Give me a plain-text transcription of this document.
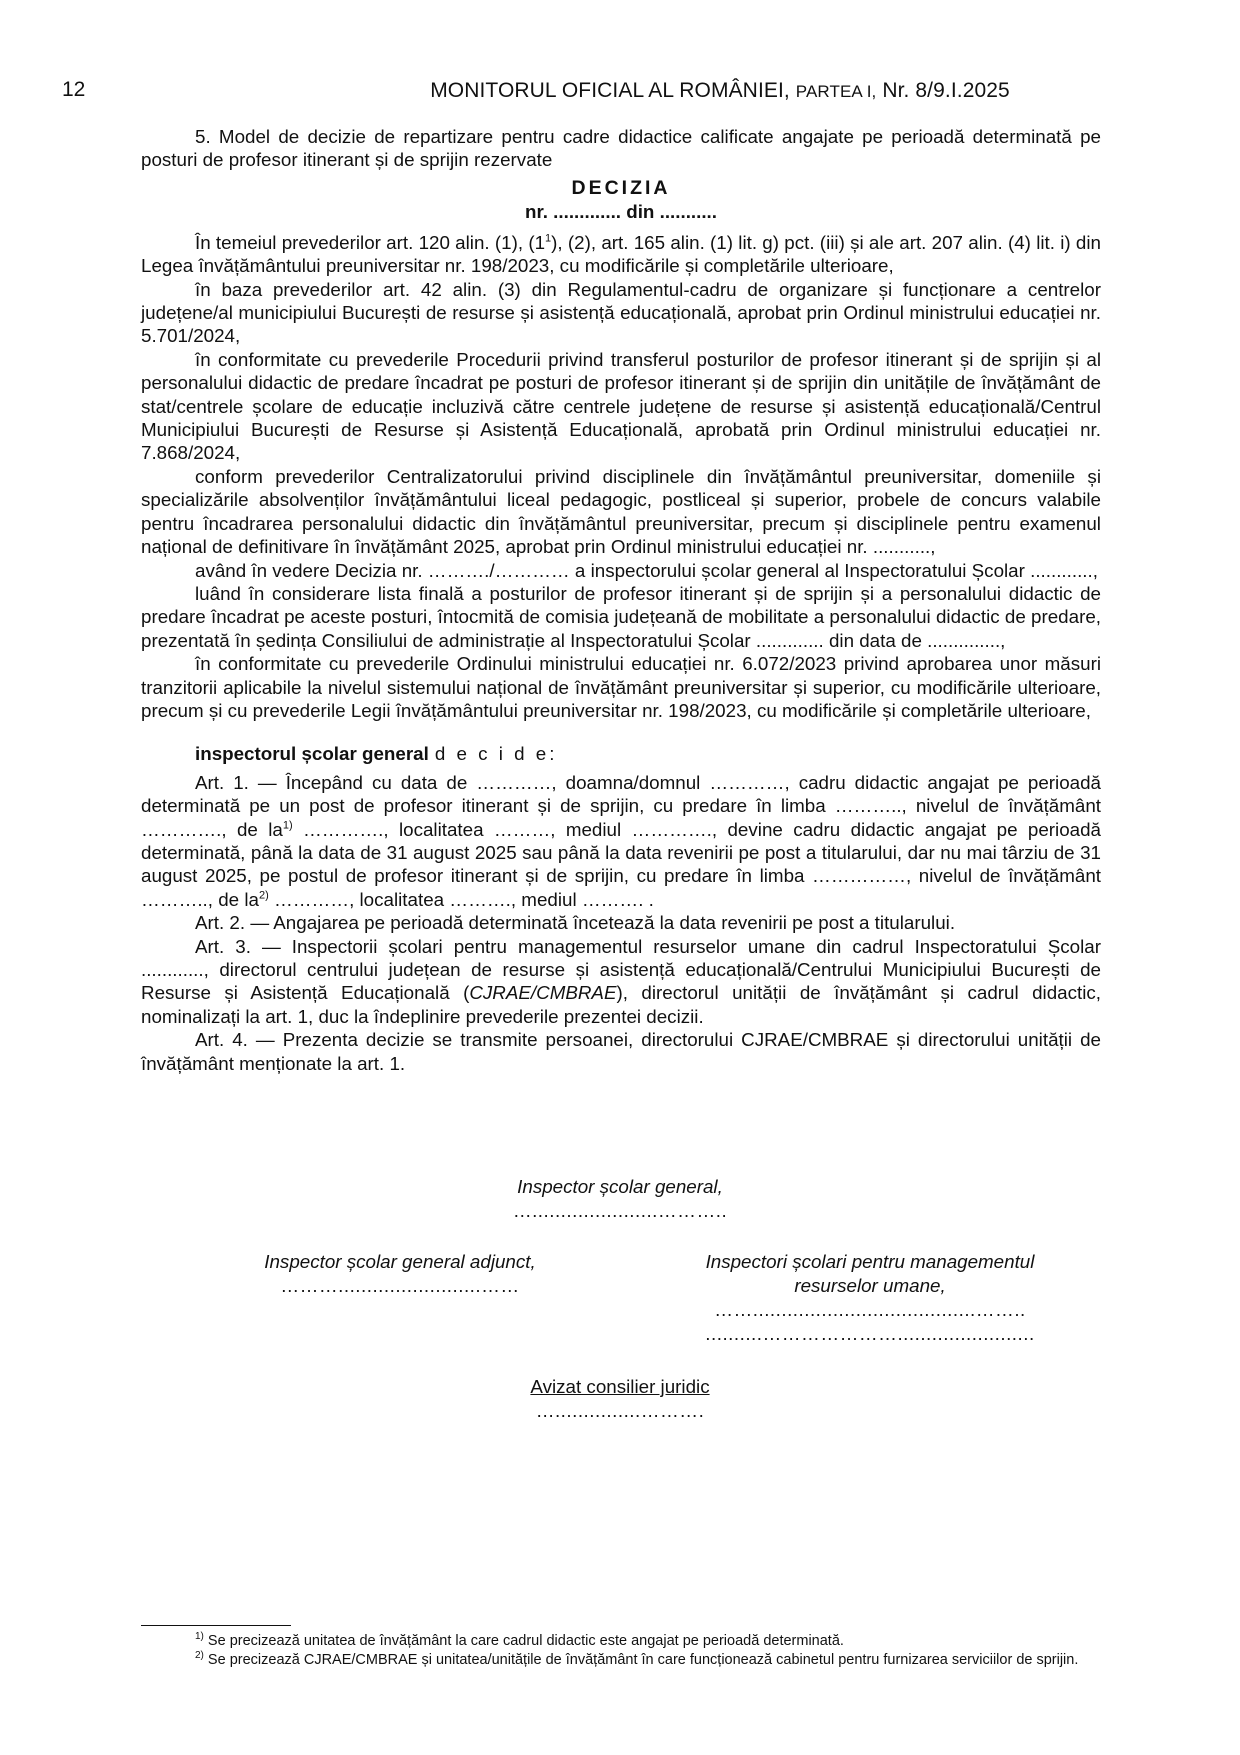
12	MONITORUL OFICIAL AL ROMÂNIEI, PARTEA I, Nr. 8/9.I.2025

5. Model de decizie de repartizare pentru cadre didactice calificate angajate pe perioadă determinată pe posturi de profesor itinerant și de sprijin rezervate

DECIZIA
nr. ............. din ...........

În temeiul prevederilor art. 120 alin. (1), $(1^1)$, (2), art. 165 alin. (1) lit. g) pct. (iii) și ale art. 207 alin. (4) lit. i) din Legea învățământului preuniversitar nr. 198/2023, cu modificările și completările ulterioare,

în baza prevederilor art. 42 alin. (3) din Regulamentul-cadru de organizare și funcționare a centrelor județene/al municipiului București de resurse și asistență educațională, aprobat prin Ordinul ministrului educației nr. 5.701/2024,

în conformitate cu prevederile Procedurii privind transferul posturilor de profesor itinerant și de sprijin și al personalului didactic de predare încadrat pe posturi de profesor itinerant și de sprijin din unitățile de învățământ de stat/centrele școlare de educație incluzivă către centrele județene de resurse și asistență educațională/Centrul Municipiului București de Resurse și Asistență Educațională, aprobată prin Ordinul ministrului educației nr. 7.868/2024,

conform prevederilor Centralizatorului privind disciplinele din învățământul preuniversitar, domeniile și specializările absolvenților învățământului liceal pedagogic, postliceal și superior, probele de concurs valabile pentru încadrarea personalului didactic din învățământul preuniversitar, precum și disciplinele pentru examenul național de definitivare în învățământ 2025, aprobat prin Ordinul ministrului educației nr. ...........,

având în vedere Decizia nr. ………./………… a inspectorului școlar general al Inspectoratului Școlar ............,

luând în considerare lista finală a posturilor de profesor itinerant și de sprijin și a personalului didactic de predare încadrat pe aceste posturi, întocmită de comisia județeană de mobilitate a personalului didactic de predare, prezentată în ședința Consiliului de administrație al Inspectoratului Școlar ............. din data de ..............,

în conformitate cu prevederile Ordinului ministrului educației nr. 6.072/2023 privind aprobarea unor măsuri tranzitorii aplicabile la nivelul sistemului național de învățământ preuniversitar și superior, cu modificările ulterioare, precum și cu prevederile Legii învățământului preuniversitar nr. 198/2023, cu modificările și completările ulterioare,

inspectorul școlar general d e c i d e:

Art. 1. — Începând cu data de …………, doamna/domnul …………, cadru didactic angajat pe perioadă determinată pe un post de profesor itinerant și de sprijin, cu predare în limba ……….., nivelul de învățământ …………., de $la^{1)}$ …………., localitatea ………, mediul …………., devine cadru didactic angajat pe perioadă determinată, până la data de 31 august 2025 sau până la data revenirii pe post a titularului, dar nu mai târziu de 31 august 2025, pe postul de profesor itinerant și de sprijin, cu predare în limba ……………, nivelul de învățământ ……….., de $la^{2)}$ …………, localitatea ………., mediul ………. .

Art. 2. — Angajarea pe perioadă determinată încetează la data revenirii pe post a titularului.

Art. 3. — Inspectorii școlari pentru managementul resurselor umane din cadrul Inspectoratului Școlar ............, directorul centrului județean de resurse și asistență educațională/Centrului Municipiului București de Resurse și Asistență Educațională (CJRAE/CMBRAE), directorul unității de învățământ și cadrul didactic, nominalizați la art. 1, duc la îndeplinire prevederile prezentei decizii.

Art. 4. — Prezenta decizie se transmite persoanei, directorului CJRAE/CMBRAE și directorului unității de învățământ menționate la art. 1.

Inspector școlar general,
…......................………..
Inspector școlar general adjunct,
……….........................……
Inspectori școlari pentru managementul
resurselor umane,
…….......................................……..
..........…………………........................
Avizat consilier juridic
…...............……….

$^{1)}$ Se precizează unitatea de învățământ la care cadrul didactic este angajat pe perioadă determinată.

$^{2)}$ Se precizează CJRAE/CMBRAE și unitatea/unitățile de învățământ în care funcționează cabinetul pentru furnizarea serviciilor de sprijin.
